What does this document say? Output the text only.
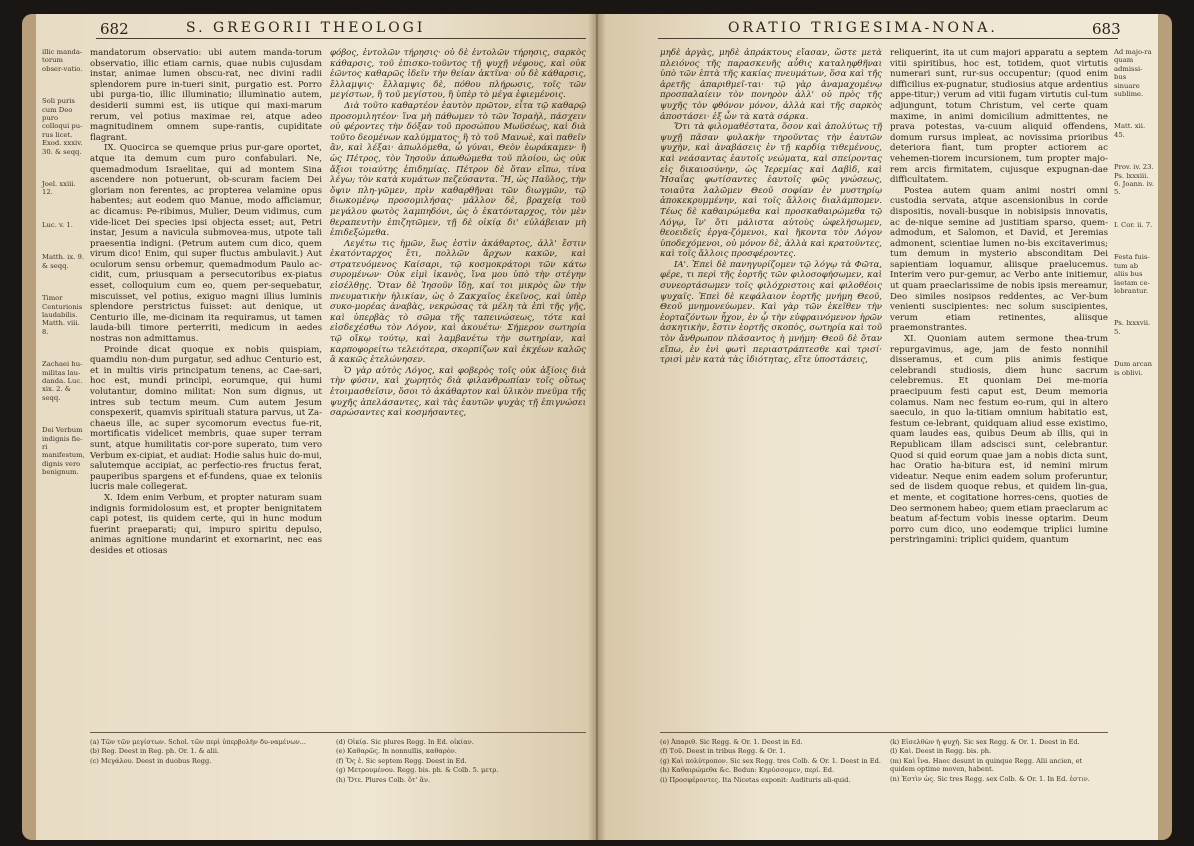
682	S. GREGORII THEOLOGI
illic manda-torum obser-vatio.
Soli puris cum Deo puro colloqui pu-rus licet. Exod. xxxiv. 30. & seqq.
Joel. xxiii. 12.
Luc. v. 1.
Matth. ix. 9. & seqq.
Timor Centurionis laudabilis. Matth. viii. 8.
Zachaei hu-militas lau-danda. Luc. xix. 2. & seqq.
Dei Verbum indignis fie-ri manifestum, dignis vero benignum.

mandatorum observatio: ubi autem manda-torum observatio, illic etiam carnis, quae nubis cujusdam instar, animae lumen obscu-rat, nec divini radii splendorem pure in-tueri sinit, purgatio est. Porro ubi purga-tio, illic illuminatio; illuminatio autem, desiderii summi est, iis utique qui maxi-marum rerum, vel potius maximae rei, atque adeo magnitudinem omnem supe-rantis, cupiditate flagrant.

IX. Quocirca se quemque prius pur-gare oportet, atque ita demum cum puro confabulari. Ne, quemadmodum Israelitae, qui ad montem Sina ascendere non potuerunt, ob-scuram faciem Dei gloriam non ferentes, ac propterea velamine opus habentes; aut eodem quo Manue, modo afficiamur, ac dicamus: Pe-ribimus, Mulier, Deum vidimus, cum vide-licet Dei species ipsi objecta esset; aut, Petri instar, Jesum a navicula submovea-mus, utpote tali praesentia indigni. (Petrum autem cum dico, quem virum dico! Enim, qui super fluctus ambulavit.) Aut oculorum sensu orbemur, quemadmodum Paulo ac-cidit, cum, priusquam a persecutoribus ex-piatus esset, colloquium cum eo, quem per-sequebatur, miscuisset, vel potius, exiguo magni illius luminis splendore perstrictus fuisset: aut denique, ut Centurio ille, me-dicinam ita requiramus, ut tamen lauda-bili timore perterriti, medicum in aedes nostras non admittamus.

Proinde dicat quoque ex nobis quispiam, quamdiu non-dum purgatur, sed adhuc Centurio est, et in multis viris principatum tenens, ac Cae-sari, hoc est, mundi principi, eorumque, qui humi volutantur, domino militat: Non sum dignus, ut intres sub tectum meum. Cum autem Jesum conspexerit, quamvis spirituali statura parvus, ut Za-chaeus ille, ac super sycomorum evectus fue-rit, mortificatis videlicet membris, quae super terram sunt, atque humilitatis cor-pore superato, tum vero Verbum ex-cipiat, et audiat: Hodie salus huic do-mui, salutemque accipiat, ac perfectio-res fructus ferat, pauperibus spargens et ef-fundens, quae ex teloniis lucris male collegerat.

X. Idem enim Verbum, et propter naturam suam indignis formidolosum est, et propter benignitatem capi potest, iis quidem certe, qui in hunc modum fuerint praeparati; qui, impuro spiritu depulso, animas agnitione mundarint et exornarint, nec eas desides et otiosas

φόβος, ἐντολῶν τήρησις· οὗ δὲ ἐντολῶν τήρησις, σαρκὸς κάθαρσις, τοῦ ἐπισκο-τοῦντος τῇ ψυχῇ νέφους, καὶ οὐκ ἐῶντος καθαρῶς ἰδεῖν τὴν θείαν ἀκτῖνα· οὗ δὲ κάθαρσις, ἔλλαμψις· ἔλλαμψις δὲ, πόθου πλήρωσις, τοῖς τῶν μεγίστων, ἢ τοῦ μεγίστου, ἢ ὑπὲρ τὸ μέγα ἐφιεμένοις.

Διὰ τοῦτο καθαρτέον ἑαυτὸν πρῶτον, εἶτα τῷ καθαρῷ προσομιλητέον· ἵνα μὴ πάθωμεν τὸ τῶν Ἰσραὴλ, πάσχειν οὐ φέροντες τὴν δόξαν τοῦ προσώπου Μωϋσέως, καὶ διὰ τοῦτο δεομένων καλύμματος· ἢ τὸ τοῦ Μανωὲ, καὶ παθεῖν ἂν, καὶ λέξαι· ἀπωλόμεθα, ὦ γύναι, Θεὸν ἑωράκαμεν· ἢ ὡς Πέτρος, τὸν Ἰησοῦν ἀπωθώμεθα τοῦ πλοίου, ὡς οὐκ ἄξιοι τοιαύτης ἐπιδημίας. Πέτρον δὲ ὅταν εἴπω, τίνα λέγω; τὸν κατὰ κυμάτων πεζεύσαντα. Ἢ, ὡς Παῦλος, τὴν ὄψιν πλη-γῶμεν, πρὶν καθαρθῆναι τῶν διωγμῶν, τῷ διωκομένῳ προσομιλήσας· μᾶλλον δὲ, βραχείᾳ τοῦ μεγάλου φωτὸς λαμπηδόνι, ὡς ὁ ἑκατόνταρχος, τὸν μὲν θεραπευτὴν ἐπιζητῶμεν, τῇ δὲ οἰκίᾳ δι' εὐλάβειαν μὴ ἐπιδεξώμεθα.

Λεγέτω τις ἡμῶν, ἕως ἐστὶν ἀκάθαρτος, ἀλλ' ἔστιν ἑκατόνταρχος ἔτι, πολλῶν ἄρχων κακῶν, καὶ στρατευόμενος Καίσαρι, τῷ κοσμοκράτορι τῶν κάτω συρομένων· Οὐκ εἰμὶ ἱκανὸς, ἵνα μου ὑπὸ τὴν στέγην εἰσέλθῃς. Ὅταν δὲ Ἰησοῦν ἴδῃ, καί τοι μικρὸς ὢν τὴν πνευματικὴν ἡλικίαν, ὡς ὁ Ζακχαῖος ἐκεῖνος, καὶ ὑπὲρ συκο-μορέας ἀναβὰς, νεκρώσας τὰ μέλη τὰ ἐπὶ τῆς γῆς, καὶ ὑπερβὰς τὸ σῶμα τῆς ταπεινώσεως, τότε καὶ εἰσδεχέσθω τὸν Λόγον, καὶ ἀκουέτω· Σήμερον σωτηρία τῷ οἴκῳ τούτῳ, καὶ λαμβανέτω τὴν σωτηρίαν, καὶ καρποφορείτω τελειότερα, σκορπίζων καὶ ἐκχέων καλῶς ἃ κακῶς ἐτελώνησεν.

Ὁ γὰρ αὐτὸς Λόγος, καὶ φοβερὸς τοῖς οὐκ ἀξίοις διὰ τὴν φύσιν, καὶ χωρητὸς διὰ φιλανθρωπίαν τοῖς οὕτως ἑτοιμασθεῖσιν, ὅσοι τὸ ἀκάθαρτον καὶ ὑλικὸν πνεῦμα τῆς ψυχῆς ἀπελάσαντες, καὶ τὰς ἑαυτῶν ψυχὰς τῇ ἐπιγνώσει σαρώσαντες καὶ κοσμήσαντες,

(a) Τῶν τῶν μεγίστων. Schol. τῶν περὶ ὑπερβολὴν δυ-ναμένων...
(b) Reg. Deest in Reg. ph. Or. 1. & alii.
(c) Μεγάλου. Deest in duobus Regg.
(d) Οἰκίᾳ. Sic plures Regg. In Ed. οἰκίαν.
(e) Καθαρῶς. In nonnullis, καθαρὸν.
(f) Ὅς ἐ. Sic septem Regg. Deest in Ed.
(g) Μετρουμένου. Regg. bis. ph. & Colb. 5. μετρ.
(h) Ὅτε. Plures Colb. ὅτ' ἂν.
ORATIO TRIGESIMA-NONA.	683

μηδὲ ἀργὰς, μηδὲ ἀπράκτους εἴασαν, ὥστε μετὰ πλειόνος τῆς παρασκευῆς αὖθις καταληφθῆναι ὑπὸ τῶν ἑπτὰ τῆς κακίας πνευμάτων, ὅσα καὶ τῆς ἀρετῆς ἀπαριθμεῖ-ται· τῷ γὰρ ἀναμαχομένῳ προσπαλαίειν τὸν πονηρὸν ἀλλ' οὐ πρὸς τῆς ψυχῆς τὸν φθόνον μόνον, ἀλλὰ καὶ τῆς σαρκὸς ἀποστάσει· ἐξ ὧν τὰ κατὰ σάρκα.

Ὅτι τὰ φιλομαθέστατα, ὅσον καὶ ἀπολύτως τῇ ψυχῇ πᾶσαν φυλακὴν τηροῦντας τὴν ἑαυτῶν ψυχὴν, καὶ ἀναβάσεις ἐν τῇ καρδίᾳ τιθεμένους, καὶ νεάσαντας ἑαυτοῖς νεώματα, καὶ σπείροντας εἰς δικαιοσύνην, ὡς Ἱερεμίας καὶ Δαβὶδ, καὶ Ἡσαΐας φωτίσαντες ἑαυτοῖς φῶς γνώσεως, τοιαῦτα λαλῶμεν Θεοῦ σοφίαν ἐν μυστηρίῳ ἀποκεκρυμμένην, καὶ τοῖς ἄλλοις διαλάμπομεν. Τέως δὲ καθαιρώμεθα καὶ προσκαθαιρώμεθα τῷ Λόγῳ, ἵν' ὅτι μάλιστα αὐτοὺς ὠφελήσωμεν, θεοειδεῖς ἐργα-ζόμενοι, καὶ ἥκοντα τὸν Λόγον ὑποδεχόμενοι, οὐ μόνον δὲ, ἀλλὰ καὶ κρατοῦντες, καὶ τοῖς ἄλλοις προσφέροντες.

ΙΑ'. Ἐπεὶ δὲ πανηγυρίζομεν τῷ λόγῳ τὰ Φῶτα, φέρε, τι περὶ τῆς ἑορτῆς τῶν φιλοσοφήσωμεν, καὶ συνεορτάσωμεν τοῖς φιλόχριστοις καὶ φιλοθέοις ψυχαῖς. Ἐπεὶ δὲ κεφάλαιον ἑορτῆς μνήμη Θεοῦ, Θεοῦ μνημονεύωμεν. Καὶ γὰρ τῶν ἐκεῖθεν τὴν ἑορταζόντων ἦχον, ἐν ᾧ τὴν εὐφραινόμενον ἠρῶν ἀσκητικὴν, ἔστιν ἑορτῆς σκοπὸς, σωτηρία καὶ τοῦ τὸν ἄνθρωπον πλάσαντος ἡ μνήμη· Θεοῦ δὲ ὅταν εἴπω, ἐν ἑνὶ φωτὶ περιαστράπτεσθε καὶ τρισί· τρισὶ μὲν κατὰ τὰς ἰδιότητας, εἴτε ὑποστάσεις,

reliquerint, ita ut cum majori apparatu a septem vitii spiritibus, hoc est, totidem, quot virtutis numerari sunt, rur-sus occupentur; (quod enim difficilius ex-pugnatur, studiosius atque ardentius appe-titur;) verum ad vitii fugam virtutis cul-tum adjungunt, totum Christum, vel certe quam maxime, in animi domicilium admittentes, ne prava potestas, va-cuum aliquid offendens, domum rursus impleat, ac novissima prioribus deteriora fiant, tum propter actiorem ac vehemen-tiorem incursionem, tum propter majo-rem arcis firmitatem, cujusque expugnan-dae difficultatem.

Postea autem quam animi nostri omni custodia servata, atque ascensionibus in corde dispositis, novali-busque in nobisipsis innovatis, ac de-nique semine ad justitiam sparso, quem-admodum, et Salomon, et David, et Jeremias admonent, scientiae lumen no-bis excitaverimus; tum demum in mysterio absconditam Dei sapientiam loquamur, aliisque praelucemus. Interim vero pur-gemur, ac Verbo ante initiemur, ut quam praeclarissime de nobis ipsis mereamur, Deo similes nosipsos reddentes, ac Ver-bum venienti suscipientes: nec solum suscipientes, verum etiam retinentes, aliisque praemonstrantes.

XI. Quoniam autem sermone thea-trum repurgavimus, age, jam de festo nonnihil disseramus, et cum piis animis festique celebrandi studiosis, diem hunc sacrum celebremus. Et quoniam Dei me-moria praecipuum festi caput est, Deum memoria colamus. Nam nec festum eo-rum, qui in altero saeculo, in quo la-titiam omnium habitatio est, festum ce-lebrant, quidquam aliud esse existimo, quam laudes eas, quibus Deum ab illis, qui in Republicam illam adscisci sunt, celebrantur. Quod si quid eorum quae jam a nobis dicta sunt, hac Oratio ha-bitura est, id nemini mirum videatur. Neque enim eadem solum proferuntur, sed de iisdem quoque rebus, et quidem lin-gua, et mente, et cogitatione horres-cens, quoties de Deo sermonem habeo; quem etiam praeclarum ac beatum af-fectum vobis inesse optarim. Deum porro cum dico, uno eodemque triplici lumine perstringamini: triplici quidem, quantum

Ad majo-ra quam admissi-bus sinuare sublime.
Matt. xii. 45.
Prov. iv. 23. Ps. lxxxiii. 6. Joann. iv. 5.
I. Cor. ii. 7.
Festa fuis-tum ab aliis bus laetam ce-lebrantur.
Ps. lxxxvii. 5.
Dum arcan is oblivi.
(e) Ἀπαριθ. Sic Regg. & Or. 1. Deest in Ed.
(f) Τοῦ. Deest in tribus Regg. & Or. 1.
(g) Καὶ πολύτροπον. Sic sex Regg. tres Colb. & Or. 1. Deest in Ed.
(h) Καθαιρώμεθα &c. Bedun: Κηρύσσομεν, περί. Ed.
(i) Προσφέροντες. Ita Nicetas exponit: Audituris ali-quid.
(k) Εἰσελθὼν ἡ ψυχὴ. Sic sex Regg. & Or. 1. Deest in Ed.
(l) Καὶ. Deest in Regg. bis. ph.
(m) Καὶ ἵνα. Haec desunt in quinque Regg. Alii ancien, et quidem optime moven, habent.
(n) Ἐστὶν ὡς. Sic tres Regg. sex Colb. & Or. 1. In Ed. ἑστιν.
